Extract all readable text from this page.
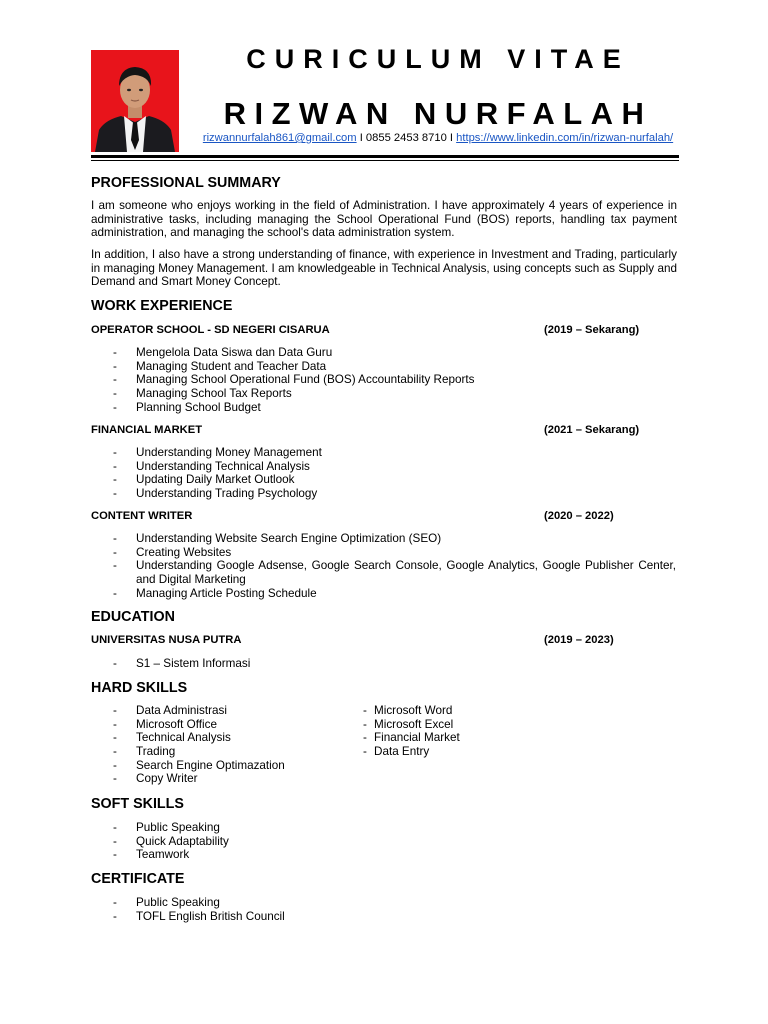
CURICULUM VITAE
RIZWAN NURFALAH
rizwannurfalah861@gmail.com I 0855 2453 8710 I https://www.linkedin.com/in/rizwan-nurfalah/
PROFESSIONAL SUMMARY
I am someone who enjoys working in the field of Administration. I have approximately 4 years of experience in administrative tasks, including managing the School Operational Fund (BOS) reports, handling tax payment administration, and managing the school's data administration system.
In addition, I also have a strong understanding of finance, with experience in Investment and Trading, particularly in managing Money Management. I am knowledgeable in Technical Analysis, using concepts such as Supply and Demand and Smart Money Concept.
WORK EXPERIENCE
OPERATOR SCHOOL - SD NEGERI CISARUA	(2019 – Sekarang)
- Mengelola Data Siswa dan Data Guru
- Managing Student and Teacher Data
- Managing School Operational Fund (BOS) Accountability Reports
- Managing School Tax Reports
- Planning School Budget
FINANCIAL MARKET	(2021 – Sekarang)
- Understanding Money Management
- Understanding Technical Analysis
- Updating Daily Market Outlook
- Understanding Trading Psychology
CONTENT WRITER	(2020 – 2022)
- Understanding Website Search Engine Optimization (SEO)
- Creating Websites
- Understanding Google Adsense, Google Search Console, Google Analytics, Google Publisher Center, and Digital Marketing
- Managing Article Posting Schedule
EDUCATION
UNIVERSITAS NUSA PUTRA	(2019 – 2023)
- S1 – Sistem Informasi
HARD SKILLS
- Data Administrasi
- Microsoft Office
- Technical Analysis
- Trading
- Search Engine Optimazation
- Copy Writer
- Microsoft Word
- Microsoft Excel
- Financial Market
- Data Entry
SOFT SKILLS
- Public Speaking
- Quick Adaptability
- Teamwork
CERTIFICATE
- Public Speaking
- TOFL English British Council
